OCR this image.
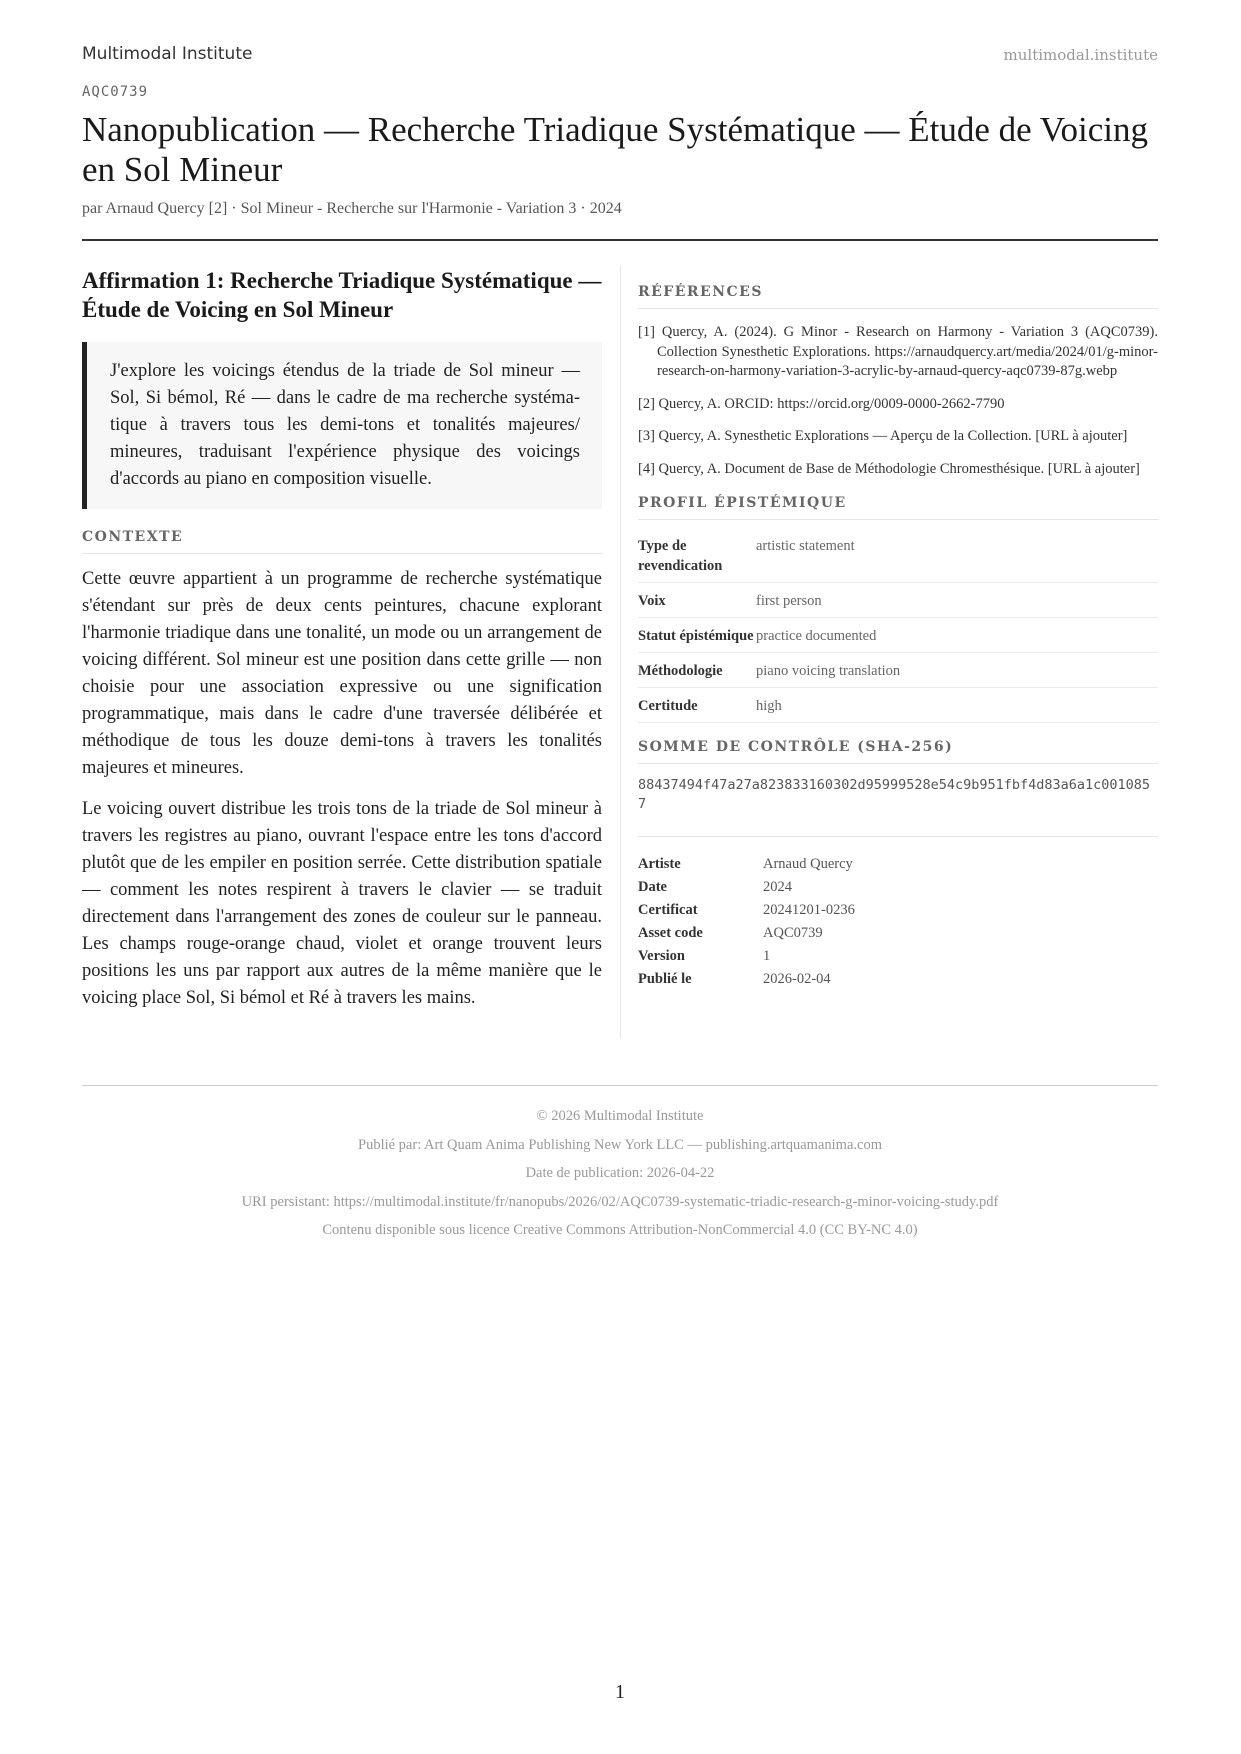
Multimodal Institute	multimodal.institute
AQC0739
Nanopublication — Recherche Triadique Systématique — Étude de Voicing en Sol Mineur
par Arnaud Quercy [2] · Sol Mineur - Recherche sur l'Harmonie - Variation 3 · 2024
Affirmation 1: Recherche Triadique Systématique — Étude de Voicing en Sol Mineur
J'explore les voicings étendus de la triade de Sol mineur — Sol, Si bémol, Ré — dans le cadre de ma recherche systématique à travers tous les demi-tons et tonalités majeures/ mineures, traduisant l'expérience physique des voicings d'accords au piano en composition visuelle.
CONTEXTE

Cette œuvre appartient à un programme de recherche systématique s'étendant sur près de deux cents peintures, chacune explorant l'harmonie triadique dans une tonalité, un mode ou un arrangement de voicing différent. Sol mineur est une position dans cette grille — non choisie pour une association expressive ou une signification programmatique, mais dans le cadre d'une traversée délibérée et méthodique de tous les douze demi-tons à travers les tonalités majeures et mineures.

Le voicing ouvert distribue les trois tons de la triade de Sol mineur à travers les registres au piano, ouvrant l'espace entre les tons d'accord plutôt que de les empiler en position serrée. Cette distribution spatiale — comment les notes respirent à travers le clavier — se traduit directement dans l'arrangement des zones de couleur sur le panneau. Les champs rouge-orange chaud, violet et orange trouvent leurs positions les uns par rapport aux autres de la même manière que le voicing place Sol, Si bémol et Ré à travers les mains.

RÉFÉRENCES
[1] Quercy, A. (2024). G Minor - Research on Harmony - Variation 3 (AQC0739). Collection Synesthetic Explorations. https://arnaudquercy.art/media/2024/01/g-minor-research-on-harmony-variation-3-acrylic-by-arnaud-quercy-aqc0739-87g.webp
[2] Quercy, A. ORCID: https://orcid.org/0009-0000-2662-7790
[3] Quercy, A. Synesthetic Explorations — Aperçu de la Collection. [URL à ajouter]
[4] Quercy, A. Document de Base de Méthodologie Chromesthésique. [URL à ajouter]
PROFIL ÉPISTÉMIQUE
Type de revendication	artistic statement
Voix	first person
Statut épistémique	practice documented
Méthodologie	piano voicing translation
Certitude	high
SOMME DE CONTRÔLE (SHA-256)
88437494f47a27a823833160302d95999528e54c9b951fbf4d83a6a1c0010857
Artiste	Arnaud Quercy
Date	2024
Certificat	20241201-0236
Asset code	AQC0739
Version	1
Publié le	2026-02-04
© 2026 Multimodal Institute
Publié par: Art Quam Anima Publishing New York LLC — publishing.artquamanima.com
Date de publication: 2026-04-22
URI persistant: https://multimodal.institute/fr/nanopubs/2026/02/AQC0739-systematic-triadic-research-g-minor-voicing-study.pdf
Contenu disponible sous licence Creative Commons Attribution-NonCommercial 4.0 (CC BY-NC 4.0)
1
